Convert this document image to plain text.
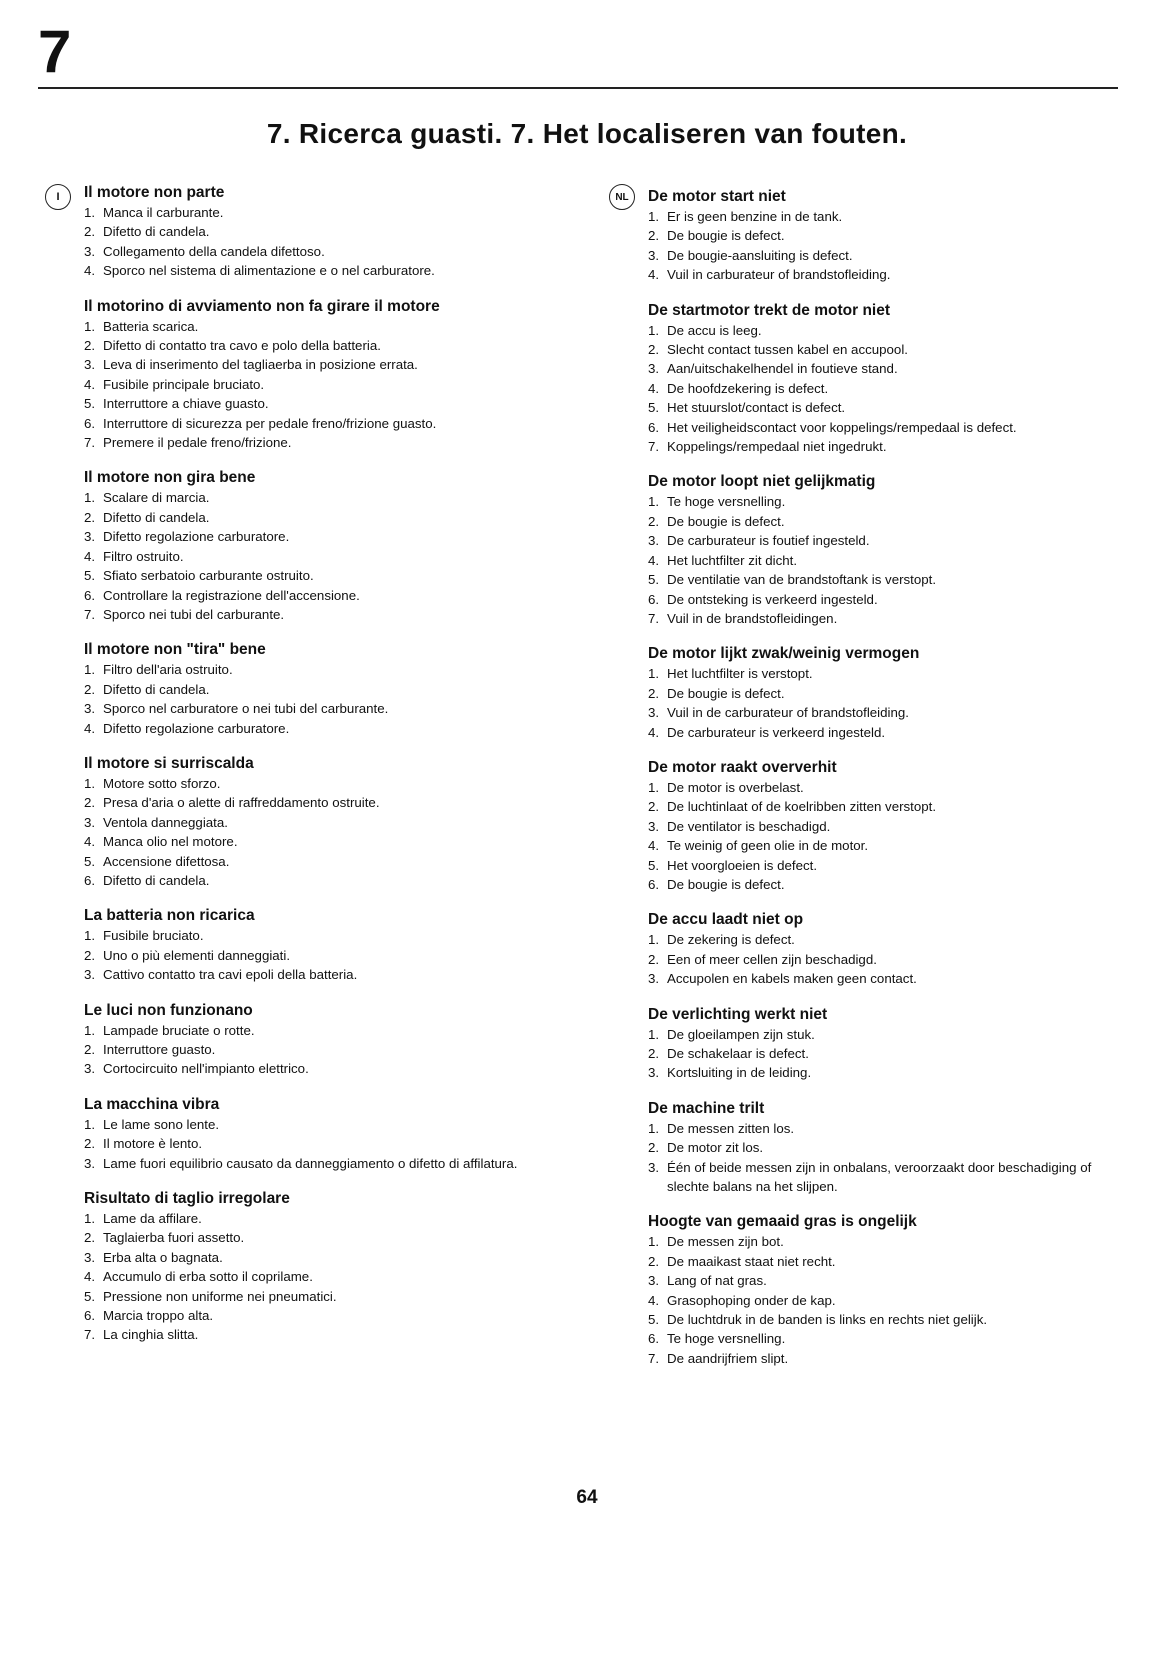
7
7. Ricerca guasti. 7. Het localiseren van fouten.
I	NL
Il motore non parte
1. Manca il carburante.
2. Difetto di candela.
3. Collegamento della candela difettoso.
4. Sporco nel sistema di alimentazione e o nel carburatore.
Il motorino di avviamento non fa girare il motore
1. Batteria scarica.
2. Difetto di contatto tra cavo e polo della batteria.
3. Leva di inserimento del tagliaerba in posizione errata.
4. Fusibile principale bruciato.
5. Interruttore a chiave guasto.
6. Interruttore di sicurezza per pedale freno/frizione guasto.
7. Premere il pedale freno/frizione.
Il motore non gira bene
1. Scalare di marcia.
2. Difetto di candela.
3. Difetto regolazione carburatore.
4. Filtro ostruito.
5. Sfiato serbatoio carburante ostruito.
6. Controllare la registrazione dell'accensione.
7. Sporco nei tubi del carburante.
Il motore non "tira" bene
1. Filtro dell'aria ostruito.
2. Difetto di candela.
3. Sporco nel carburatore o nei tubi del carburante.
4. Difetto regolazione carburatore.
Il motore si surriscalda
1. Motore sotto sforzo.
2. Presa d'aria o alette di raffreddamento ostruite.
3. Ventola danneggiata.
4. Manca olio nel motore.
5. Accensione difettosa.
6. Difetto di candela.
La batteria non ricarica
1. Fusibile bruciato.
2. Uno o più elementi danneggiati.
3. Cattivo contatto tra cavi epoli della batteria.
Le luci non funzionano
1. Lampade bruciate o rotte.
2. Interruttore guasto.
3. Cortocircuito nell'impianto elettrico.
La macchina vibra
1. Le lame sono lente.
2. Il motore è lento.
3. Lame fuori equilibrio causato da danneggiamento o difetto di affilatura.
Risultato di taglio irregolare
1. Lame da affilare.
2. Taglaierba fuori assetto.
3. Erba alta o bagnata.
4. Accumulo di erba sotto il coprilame.
5. Pressione non uniforme nei pneumatici.
6. Marcia troppo alta.
7. La cinghia slitta.
De motor start niet
1. Er is geen benzine in de tank.
2. De bougie is defect.
3. De bougie-aansluiting is defect.
4. Vuil in carburateur of brandstofleiding.
De startmotor trekt de motor niet
1. De accu is leeg.
2. Slecht contact tussen kabel en accupool.
3. Aan/uitschakelhendel in foutieve stand.
4. De hoofdzekering is defect.
5. Het stuurslot/contact is defect.
6. Het veiligheidscontact voor koppelings/rempedaal is defect.
7. Koppelings/rempedaal niet ingedrukt.
De motor loopt niet gelijkmatig
1. Te hoge versnelling.
2. De bougie is defect.
3. De carburateur is foutief ingesteld.
4. Het luchtfilter zit dicht.
5. De ventilatie van de brandstoftank is verstopt.
6. De ontsteking is verkeerd ingesteld.
7. Vuil in de brandstofleidingen.
De motor lijkt zwak/weinig vermogen
1. Het luchtfilter is verstopt.
2. De bougie is defect.
3. Vuil in de carburateur of brandstofleiding.
4. De carburateur is verkeerd ingesteld.
De motor raakt oververhit
1. De motor is overbelast.
2. De luchtinlaat of de koelribben zitten verstopt.
3. De ventilator is beschadigd.
4. Te weinig of geen olie in de motor.
5. Het voorgloeien is defect.
6. De bougie is defect.
De accu laadt niet op
1. De zekering is defect.
2. Een of meer cellen zijn beschadigd.
3. Accupolen en kabels maken geen contact.
De verlichting werkt niet
1. De gloeilampen zijn stuk.
2. De schakelaar is defect.
3. Kortsluiting in de leiding.
De machine trilt
1. De messen zitten los.
2. De motor zit los.
3. Één of beide messen zijn in onbalans, veroorzaakt door beschadiging of slechte balans na het slijpen.
Hoogte van gemaaid gras is ongelijk
1. De messen zijn bot.
2. De maaikast staat niet recht.
3. Lang of nat gras.
4. Grasophoping onder de kap.
5. De luchtdruk in de banden is links en rechts niet gelijk.
6. Te hoge versnelling.
7. De aandrijfriem slipt.
64
